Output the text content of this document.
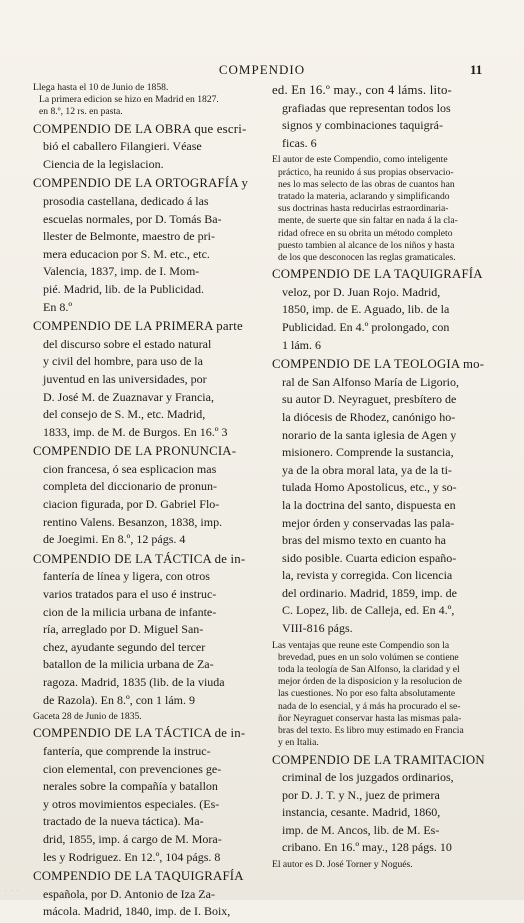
COMPENDIO	11
Llega hasta el 10 de Junio de 1858.
La primera edicion se hizo en Madrid en 1827.
en 8.º, 12 rs. en pasta.
COMPENDIO DE LA OBRA que escri-
bió el caballero Filangieri. Véase
Ciencia de la legislacion.
COMPENDIO DE LA ORTOGRAFÍA y
prosodia castellana, dedicado á las
escuelas normales, por D. Tomás Ba-
llester de Belmonte, maestro de pri-
mera educacion por S. M. etc., etc.
Valencia, 1837, imp. de I. Mom-
pié. Madrid, lib. de la Publicidad.
En 8.º
COMPENDIO DE LA PRIMERA parte
del discurso sobre el estado natural
y civil del hombre, para uso de la
juventud en las universidades, por
D. José M. de Zuaznavar y Francia,
del consejo de S. M., etc. Madrid,
1833, imp. de M. de Burgos. En 16.º 3
COMPENDIO DE LA PRONUNCIA-
cion francesa, ó sea esplicacion mas
completa del diccionario de pronun-
ciacion figurada, por D. Gabriel Flo-
rentino Valens. Besanzon, 1838, imp.
de Joegimi. En 8.º, 12 págs. 4
COMPENDIO DE LA TÁCTICA de in-
fantería de línea y ligera, con otros
varios tratados para el uso é instruc-
cion de la milicia urbana de infante-
ría, arreglado por D. Miguel San-
chez, ayudante segundo del tercer
batallon de la milicia urbana de Za-
ragoza. Madrid, 1835 (lib. de la viuda
de Razola). En 8.º, con 1 lám. 9
Gaceta 28 de Junio de 1835.
COMPENDIO DE LA TÁCTICA de in-
fantería, que comprende la instruc-
cion elemental, con prevenciones ge-
nerales sobre la compañía y batallon
y otros movimientos especiales. (Es-
tractado de la nueva táctica). Ma-
drid, 1855, imp. á cargo de M. Mora-
les y Rodriguez. En 12.º, 104 págs. 8
COMPENDIO DE LA TAQUIGRAFÍA
española, por D. Antonio de Iza Za-
mácola. Madrid, 1840, imp. de I. Boix,
ed. En 16.º may., con 4 láms. lito-
grafiadas que representan todos los
signos y combinaciones taquigrá-
ficas. 6
El autor de este Compendio, como inteligente
práctico, ha reunido á sus propias observacio-
nes lo mas selecto de las obras de cuantos han
tratado la materia, aclarando y simplificando
sus doctrinas hasta reducirlas estraordinaria-
mente, de suerte que sin faltar en nada á la cla-
ridad ofrece en su obrita un método completo
puesto tambien al alcance de los niños y hasta
de los que desconocen las reglas gramaticales.
COMPENDIO DE LA TAQUIGRAFÍA
veloz, por D. Juan Rojo. Madrid,
1850, imp. de E. Aguado, lib. de la
Publicidad. En 4.º prolongado, con
1 lám. 6
COMPENDIO DE LA TEOLOGIA mo-
ral de San Alfonso María de Ligorio,
su autor D. Neyraguet, presbítero de
la diócesis de Rhodez, canónigo ho-
norario de la santa iglesia de Agen y
misionero. Comprende la sustancia,
ya de la obra moral lata, ya de la ti-
tulada Homo Apostolicus, etc., y so-
la la doctrina del santo, dispuesta en
mejor órden y conservadas las pala-
bras del mismo texto en cuanto ha
sido posible. Cuarta edicion españo-
la, revista y corregida. Con licencia
del ordinario. Madrid, 1859, imp. de
C. Lopez, lib. de Calleja, ed. En 4.º,
VIII-816 págs.
Las ventajas que reune este Compendio son la
brevedad, pues en un solo volúmen se contiene
toda la teología de San Alfonso, la claridad y el
mejor órden de la disposicion y la resolucion de
las cuestiones. No por eso falta absolutamente
nada de lo esencial, y á más ha procurado el se-
ñor Neyraguet conservar hasta las mismas pala-
bras del texto. Es libro muy estimado en Francia
y en Italia.
COMPENDIO DE LA TRAMITACION
criminal de los juzgados ordinarios,
por D. J. T. y N., juez de primera
instancia, cesante. Madrid, 1860,
imp. de M. Ancos, lib. de M. Es-
cribano. En 16.º may., 128 págs. 10
El autor es D. José Torner y Nogués.
· · ·
